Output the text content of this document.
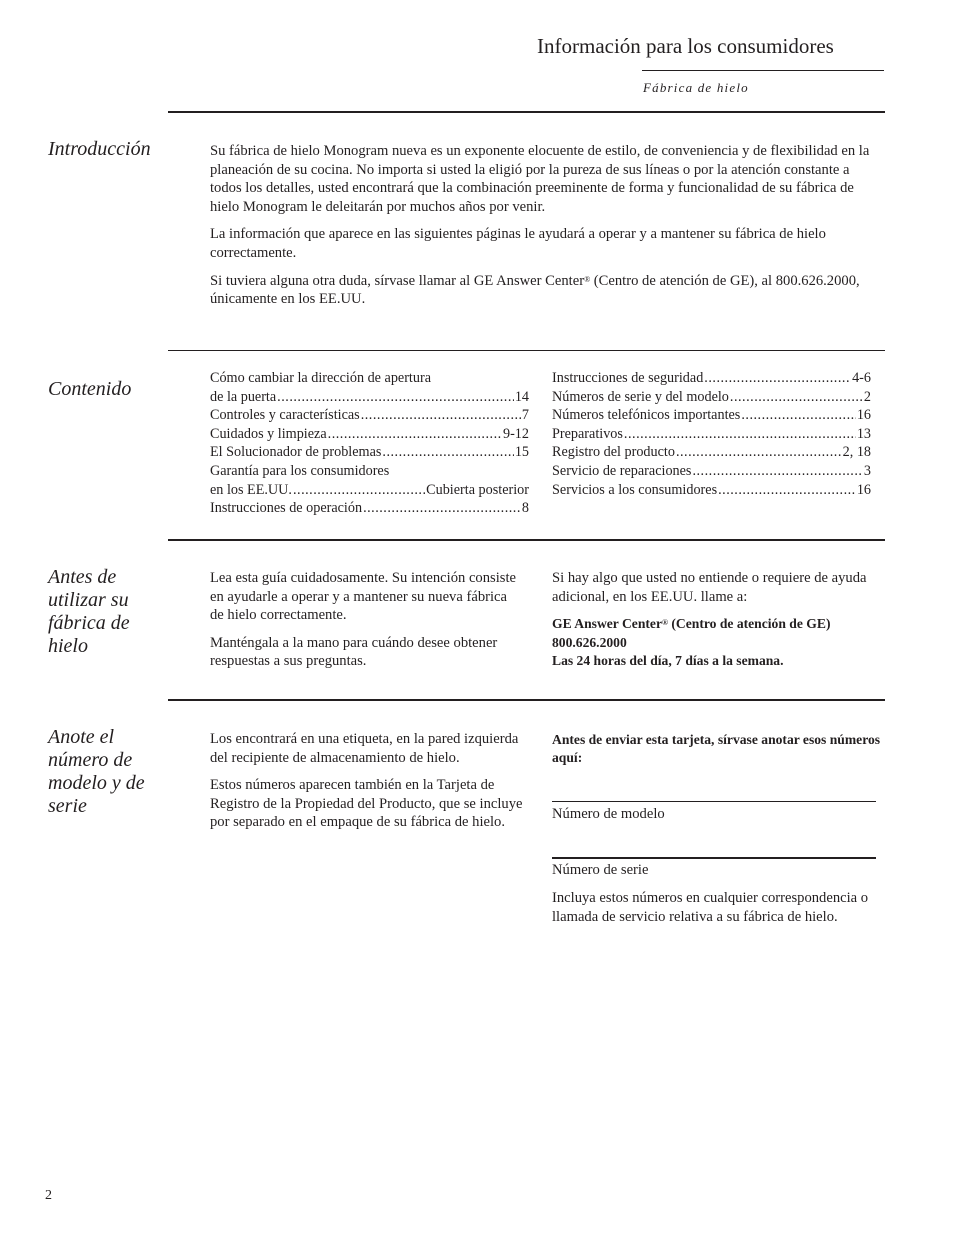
Información para los consumidores
Fábrica de hielo
Introducción	Su fábrica de hielo Monogram nueva es un exponente elocuente de estilo, de conveniencia y de flexibilidad en la planeación de su cocina. No importa si usted la eligió por la pureza de sus líneas o por la atención constante a todos los detalles, usted encontrará que la combinación preeminente de forma y funcionalidad de su fábrica de hielo Monogram le deleitarán por muchos años por venir.

La información que aparece en las siguientes páginas le ayudará a operar y a mantener su fábrica de hielo correctamente.

Si tuviera alguna otra duda, sírvase llamar al GE Answer Center® (Centro de atención de GE), al 800.626.2000, únicamente en los EE.UU.

Contenido	Cómo cambiar la dirección de apertura
de la puerta .....	14
Controles y características .....	7
Cuidados y limpieza .....	9-12
El Solucionador de problemas .....	15
Garantía para los consumidores
en los EE.UU. .....	Cubierta posterior
Instrucciones de operación .....	8
Instrucciones de seguridad .....	4-6
Números de serie y del modelo .....	2
Números telefónicos importantes .....	16
Preparativos .....	13
Registro del producto .....	2, 18
Servicio de reparaciones .....	3
Servicios a los consumidores .....	16
Antes de utilizar su fábrica de hielo

Lea esta guía cuidadosamente. Su intención consiste en ayudarle a operar y a mantener su nueva fábrica de hielo correctamente.

Manténgala a la mano para cuándo desee obtener respuestas a sus preguntas.

Si hay algo que usted no entiende o requiere de ayuda adicional, en los EE.UU. llame a:

GE Answer Center® (Centro de atención de GE)
800.626.2000
Las 24 horas del día, 7 días a la semana.
Anote el número de modelo y de serie

Los encontrará en una etiqueta, en la pared izquierda del recipiente de almacenamiento de hielo.

Estos números aparecen también en la Tarjeta de Registro de la Propiedad del Producto, que se incluye por separado en el empaque de su fábrica de hielo.

Antes de enviar esta tarjeta, sírvase anotar esos números aquí:
Número de modelo
Número de serie
Incluya estos números en cualquier correspondencia o llamada de servicio relativa a su fábrica de hielo.
2
